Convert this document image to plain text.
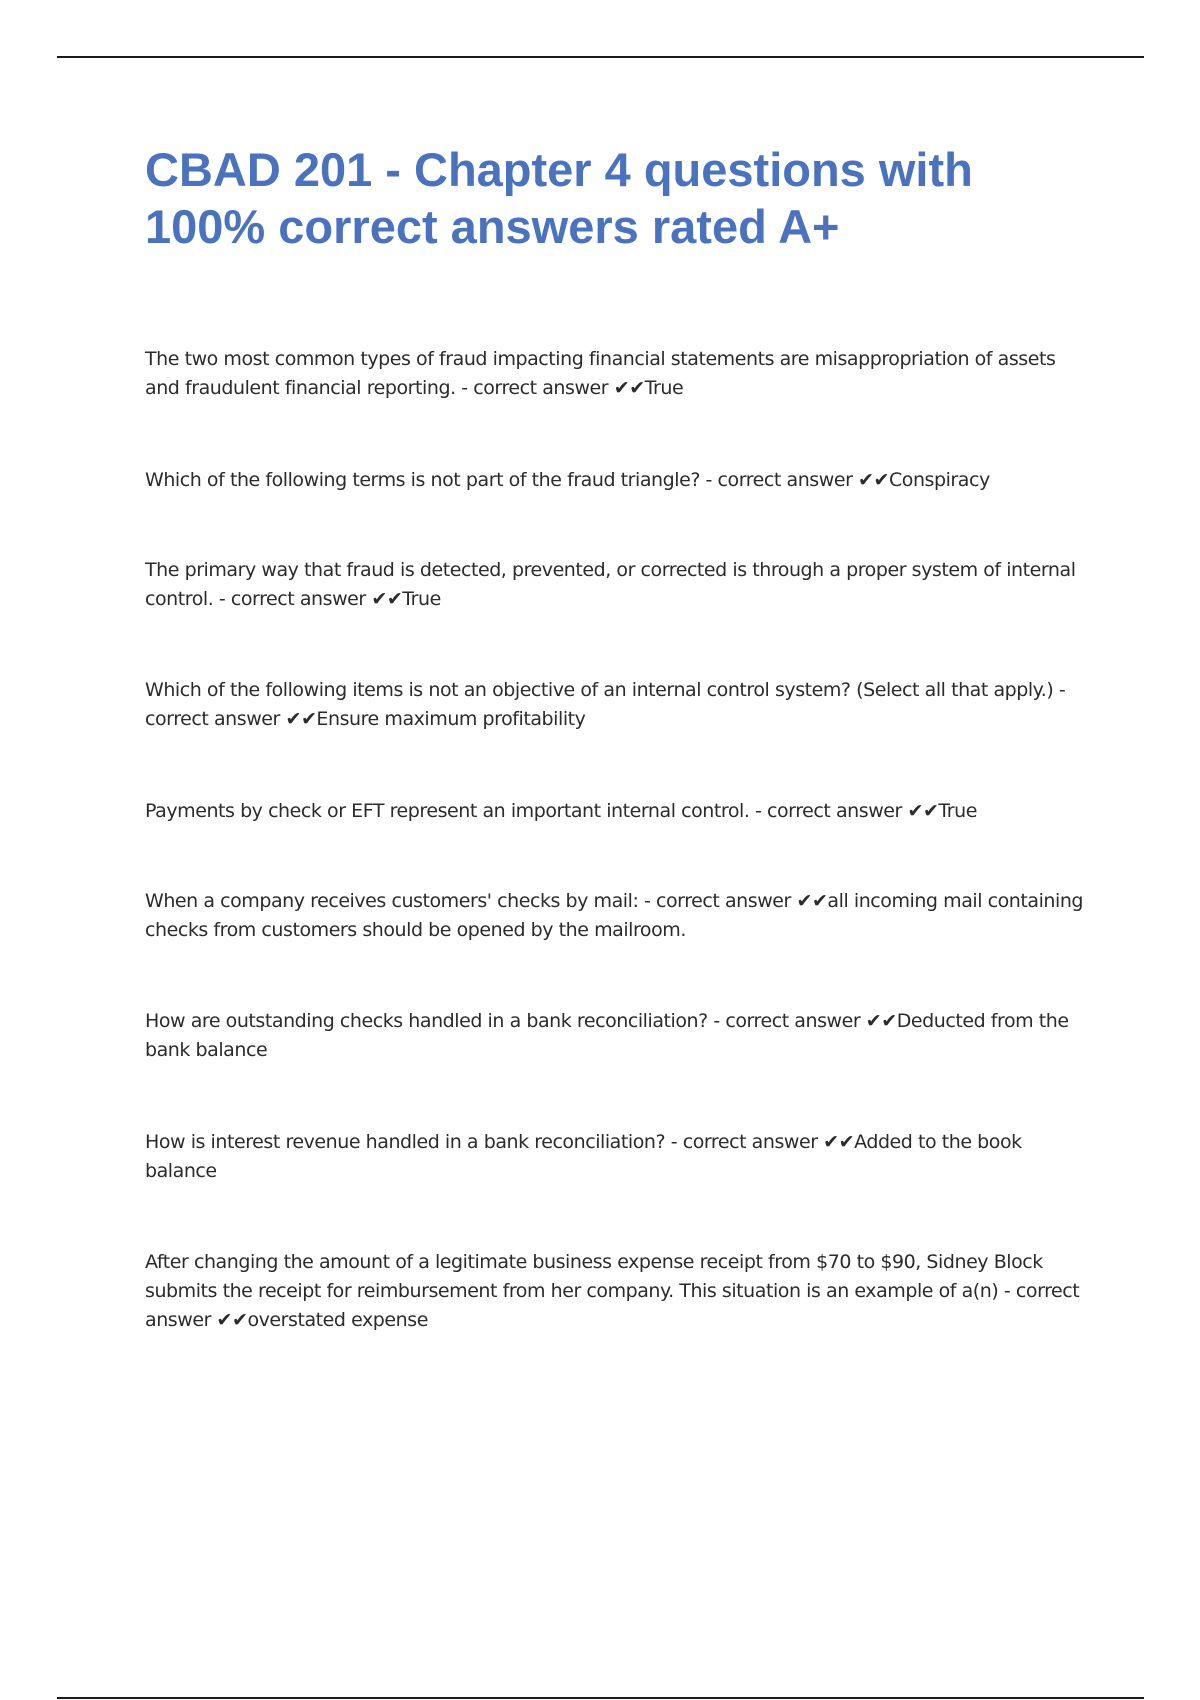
CBAD 201 - Chapter 4 questions with 100% correct answers rated A+

The two most common types of fraud impacting financial statements are misappropriation of assets and fraudulent financial reporting. - correct answer ✔✔True

Which of the following terms is not part of the fraud triangle? - correct answer ✔✔Conspiracy

The primary way that fraud is detected, prevented, or corrected is through a proper system of internal control. - correct answer ✔✔True

Which of the following items is not an objective of an internal control system? (Select all that apply.) - correct answer ✔✔Ensure maximum profitability

Payments by check or EFT represent an important internal control. - correct answer ✔✔True

When a company receives customers' checks by mail: - correct answer ✔✔all incoming mail containing checks from customers should be opened by the mailroom.

How are outstanding checks handled in a bank reconciliation? - correct answer ✔✔Deducted from the bank balance

How is interest revenue handled in a bank reconciliation? - correct answer ✔✔Added to the book balance

After changing the amount of a legitimate business expense receipt from $70 to $90, Sidney Block submits the receipt for reimbursement from her company. This situation is an example of a(n) - correct answer ✔✔overstated expense
